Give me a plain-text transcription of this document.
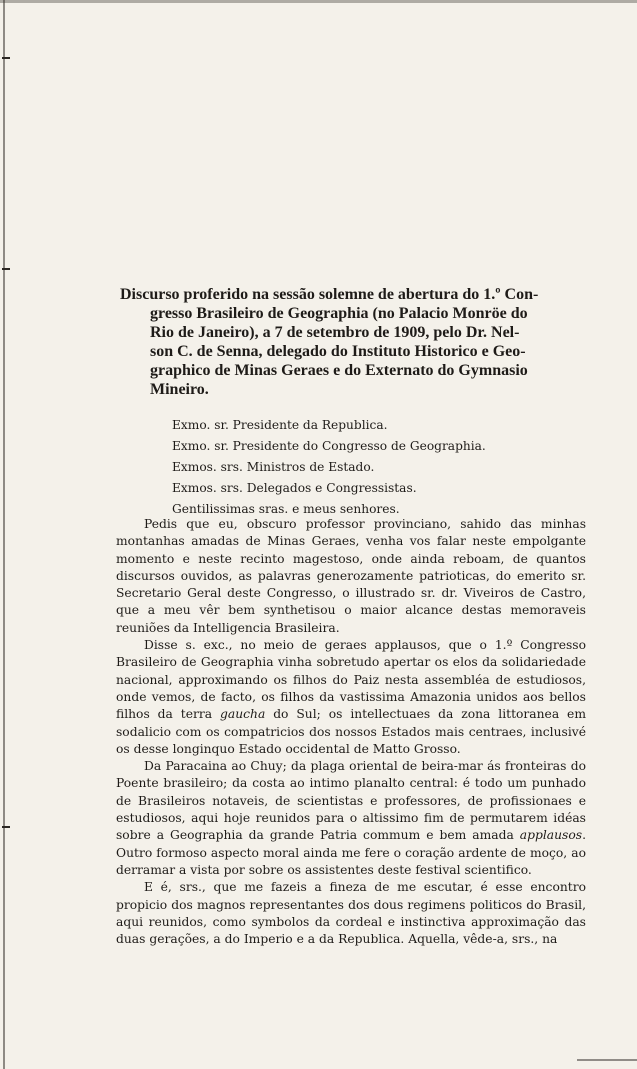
Discurso proferido na sessão solemne de abertura do 1.º Con-
gresso Brasileiro de Geographia (no Palacio Monröe do
Rio de Janeiro), a 7 de setembro de 1909, pelo Dr. Nel-
son C. de Senna, delegado do Instituto Historico e Geo-
graphico de Minas Geraes e do Externato do Gymnasio
Mineiro.
Exmo. sr. Presidente da Republica.
Exmo. sr. Presidente do Congresso de Geographia.
Exmos. srs. Ministros de Estado.
Exmos. srs. Delegados e Congressistas.
Gentilissimas sras. e meus senhores.

Pedis que eu, obscuro professor provinciano, sahido das minhas montanhas amadas de Minas Geraes, venha vos falar neste empolgante momento e neste recinto magestoso, onde ainda reboam, de quantos discursos ouvidos, as palavras generozamente patrioticas, do emerito sr. Secretario Geral deste Congresso, o illustrado sr. dr. Viveiros de Castro, que a meu vêr bem synthetisou o maior alcance destas memoraveis reuniões da Intelligencia Brasileira.

Disse s. exc., no meio de geraes applausos, que o 1.º Congresso Brasileiro de Geographia vinha sobretudo apertar os elos da solidariedade nacional, approximando os filhos do Paiz nesta assembléa de estudiosos, onde vemos, de facto, os filhos da vastissima Amazonia unidos aos bellos filhos da terra gaucha do Sul; os intellectuaes da zona littoranea em sodalicio com os compatricios dos nossos Estados mais centraes, inclusivé os desse longinquo Estado occidental de Matto Grosso.

Da Paracaina ao Chuy; da plaga oriental de beira-mar ás fronteiras do Poente brasileiro; da costa ao intimo planalto central: é todo um punhado de Brasileiros notaveis, de scientistas e professores, de profissionaes e estudiosos, aqui hoje reunidos para o altissimo fim de permutarem idéas sobre a Geographia da grande Patria commum e bem amada applausos. Outro formoso aspecto moral ainda me fere o coração ardente de moço, ao derramar a vista por sobre os assistentes deste festival scientifico.

E é, srs., que me fazeis a fineza de me escutar, é esse encontro propicio dos magnos representantes dos dous regimens politicos do Brasil, aqui reunidos, como symbolos da cordeal e instinctiva approximação das duas gerações, a do Imperio e a da Republica. Aquella, vêde-a, srs., na
